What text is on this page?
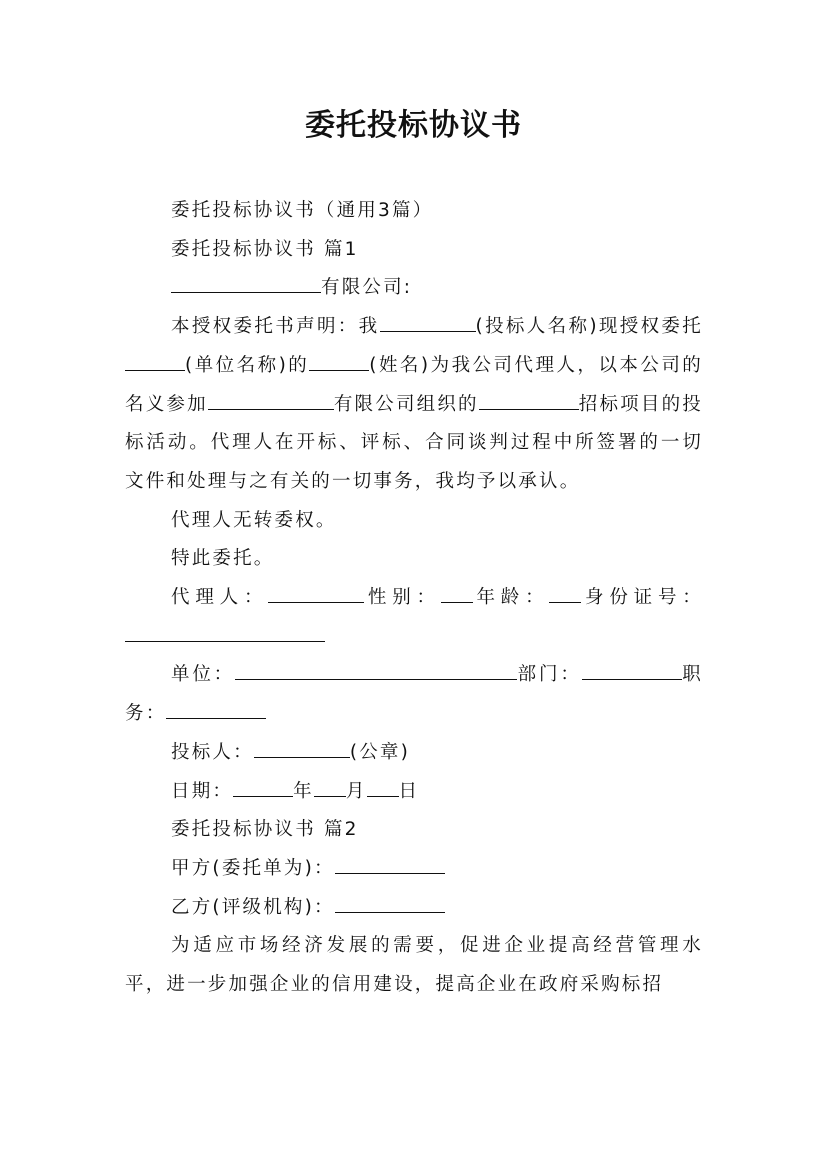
委托投标协议书

委托投标协议书（通用3篇）

委托投标协议书 篇1

有限公司:

本授权委托书声明：我	(投标人名称)现授权委托(单位名称)的	(姓名)为我公司代理人，以本公司的名义参加	有限公司组织的	招标项目的投标活动。代理人在开标、评标、合同谈判过程中所签署的一切文件和处理与之有关的一切事务，我均予以承认。

代理人无转委权。

特此委托。

代理人：	性别： 年龄： 身份证号：

单位：	部门：	职务：

投标人：	(公章)

日期：	年 月 日

委托投标协议书 篇2

甲方(委托单为)：

乙方(评级机构)：

为适应市场经济发展的需要，促进企业提高经营管理水平，进一步加强企业的信用建设，提高企业在政府采购标招
